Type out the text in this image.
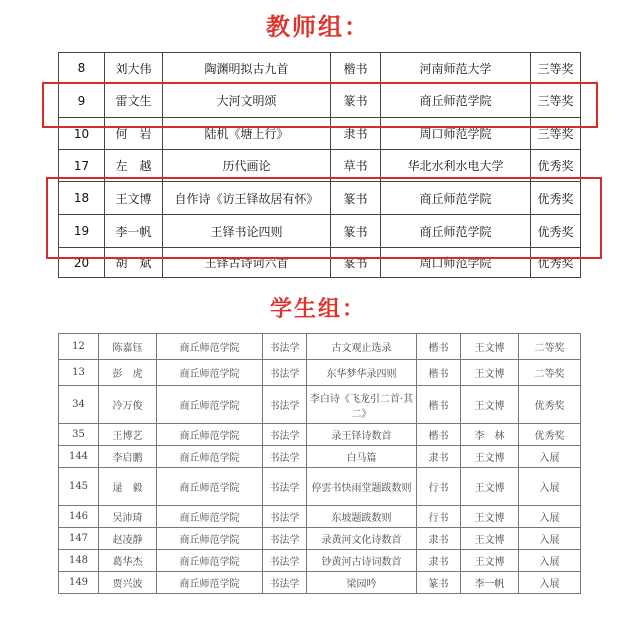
教师组：
8	刘大伟	陶渊明拟古九首	楷书	河南师范大学	三等奖
9	雷文生	大河文明颂	篆书	商丘师范学院	三等奖
10	何　岩	陆机《塘上行》	隶书	周口师范学院	三等奖
17	左　越	历代画论	草书	华北水利水电大学	优秀奖
18	王文博	自作诗《访王铎故居有怀》	篆书	商丘师范学院	优秀奖
19	李一帆	王铎书论四则	篆书	商丘师范学院	优秀奖
20	胡　斌	王铎古诗词六首	篆书	周口师范学院	优秀奖
学生组：
12	陈嘉钰	商丘师范学院	书法学	古文观止选录	楷书	王文博	二等奖
13	彭　虎	商丘师范学院	书法学	东华梦华录四则	楷书	王文博	二等奖
34	冷万俊	商丘师范学院	书法学	李白诗《飞龙引二首·其二》	楷书	王文博	优秀奖
35	王博艺	商丘师范学院	书法学	录王铎诗数首	楷书	李　林	优秀奖
144	李启鹏	商丘师范学院	书法学	白马篇	隶书	王文博	入展
145	逯　毅	商丘师范学院	书法学	停雲书快雨堂题跋数则	行书	王文博	入展
146	吴沛琦	商丘师范学院	书法学	东坡题跋数则	行书	王文博	入展
147	赵凌静	商丘师范学院	书法学	录黄河文化诗数首	隶书	王文博	入展
148	葛华杰	商丘师范学院	书法学	钞黄河古诗词数首	隶书	王文博	入展
149	贾兴波	商丘师范学院	书法学	梁园吟	篆书	李一帆	入展
